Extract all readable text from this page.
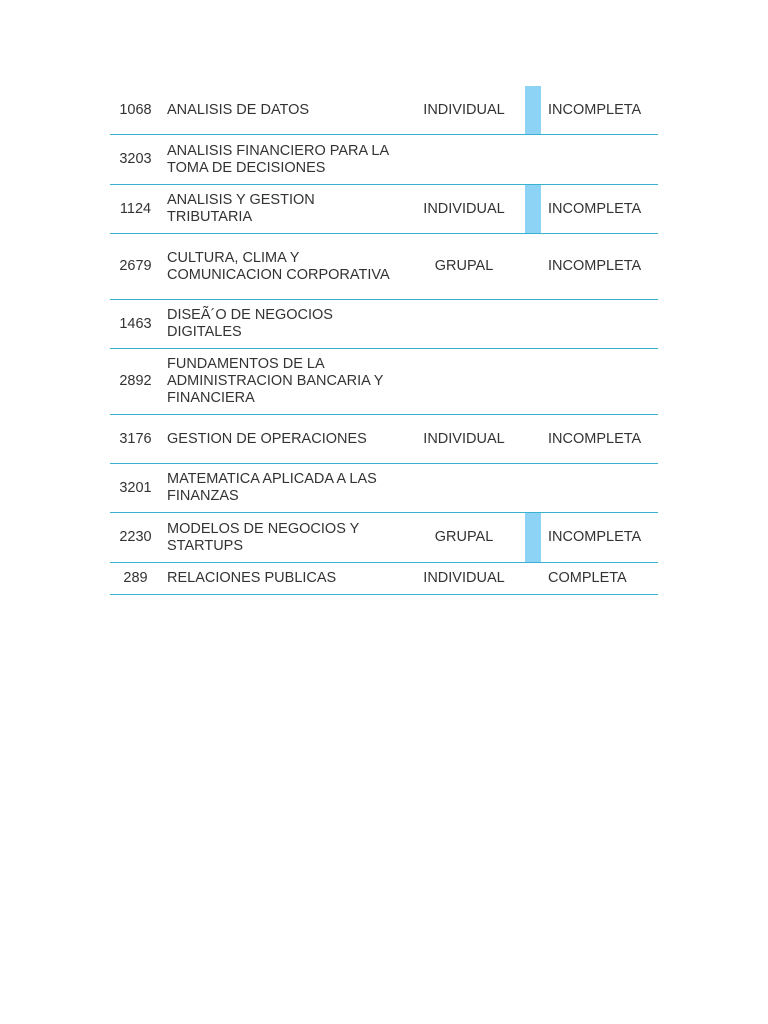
1068	ANALISIS DE DATOS	INDIVIDUAL		INCOMPLETA
3203	ANALISIS FINANCIERO PARA LA TOMA DE DECISIONES			
1124	ANALISIS Y GESTION TRIBUTARIA	INDIVIDUAL		INCOMPLETA
2679	CULTURA, CLIMA Y COMUNICACION CORPORATIVA	GRUPAL		INCOMPLETA
1463	DISEÃ´O DE NEGOCIOS DIGITALES			
2892	FUNDAMENTOS DE LA ADMINISTRACION BANCARIA Y FINANCIERA			
3176	GESTION DE OPERACIONES	INDIVIDUAL		INCOMPLETA
3201	MATEMATICA APLICADA A LAS FINANZAS			
2230	MODELOS DE NEGOCIOS Y STARTUPS	GRUPAL		INCOMPLETA
289	RELACIONES PUBLICAS	INDIVIDUAL		COMPLETA
